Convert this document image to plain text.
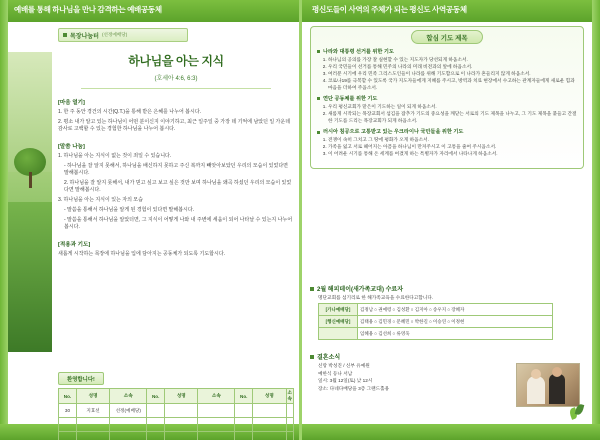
예배를 통해 하나님을 만나 감격하는 예배공동체	평신도들이 사역의 주체가 되는 평신도 사역공동체
목장나눔터 (선정예배당)
하나님을 아는 지식
(호세아 4:6, 6:3)
[마음 열기]

1. 한 주 동안 경건의 시간(Q.T.)을 통해 받은 은혜를 나누어 봅시다.

2. 평소 내가 알고 있는 하나님이 어떤 분이신지 이야기하고, 최근 일주일 중 가장 데 기억에 남았던 일 가운데 감사로 고백할 수 있는 경험한 하나님을 나누어 봅시다.

[말씀 나눔]

1. 하나님을 아는 지식이 없는 것이 죄일 수 있습니다.

- 하나님을 잘 알지 못해서, 하나님을 배신하지 못하고 주신 복까지 빼앗아보았던 우리의 모습이 있었다면 말해봅시다.

2. 하나님을 잘 알지 못해서, 내가 믿고 싶고 보고 싶은 것만 보며 하나님을 왜곡 하셨던 우리의 모습이 있었다면 말해봅시다.

3. 하나님을 아는 지식이 있는 자의 모습

- 말씀을 통해서 하나님을 알게 된 경험이 있다면 말해봅시다.

- 말씀을 통해서 하나님을 알았더면, 그 지식이 어떻게 나와 내 주변에 세움이 되어 나타날 수 있는지 나누어 봅시다.

[적용과 기도]

새롭게 시작하는 목장에 하나님을 입에 담아지는 공동체가 되도록 기도합시다.

환영합니다!
No.	성명	소속	No.	성명	소속	No.	성명	소속
30	지효선	선정(예배당)						

합심 기도 제목
나라와 대통령 선거를 위한 기도
1. 하나님의 공의를 가장 잘 실현할 수 있는 지도자가 당선되게 하옵소서.
2. 우리 국민들이 선거를 통해 민주의 나라의 미래 비전과의 앞에 하옵소서.
3. 여러분 시기에 우리 민족 그리스도인들이 나라를 위해 기도합으로 이 나라가 흔들리지 않게 하옵소서.
4. 코로나19를 극복할 수 있도록 국가 지도자들에게 지혜를 주시고, 방역과 치료 현장에서 수고하는 관계자들에게 새로운 힘과 마음을 더하여 주옵소서.
연단 공동체를 위한 기도
1. 우리 평신교회가 맡은이 기도하는 일이 되게 하옵소서.
2. 새롭게 시작되는 목장교회서 섬김을 잡추가 기도의 중요성을 깨닫는 서로의 기도 제목을 나누고, 그 기도 제목을 붙들고 간절한 기도를 드리는 목장교회가 되게 하옵소서.
러시아 침공으로 고통받고 있는 우크라이나 국민들을 위한 기도
1. 전쟁이 속히 그치고 그 땅에 평화가 오게 하옵소서.
2. 가족을 잃고 서로 헤어지는 아픔을 하나님이 만져주시고 이 고통을 줄여 주시옵소서.
3. 이 어려운 시기를 통해 온 세계를 여겼게 하는 특별자가 자리에서 나타나게 하옵소서.
2월 해피데이(새가족교대) 수료자

명단교회를 섬기리로 한 해가족교육을 수료한다고합니다.

[가나예배당]	김정남 ○ 권예령 ○ 김성환 ○ 김지아 ○ 송우지 ○ 장혜자
[행신예배당]	김태용 ○ 김민경 ○ 문혜민 ○ 박한길 ○ 이승연 ○ 이정현
	임혜용 ○ 김선희 ○ 류영욱
결혼소식

신랑 박성진 / 신부 유예원

예한식 등나 서남

일시: 3월 12일(토) 낮 12시

장소: 다네다배당을 3층 그랜드홀용
